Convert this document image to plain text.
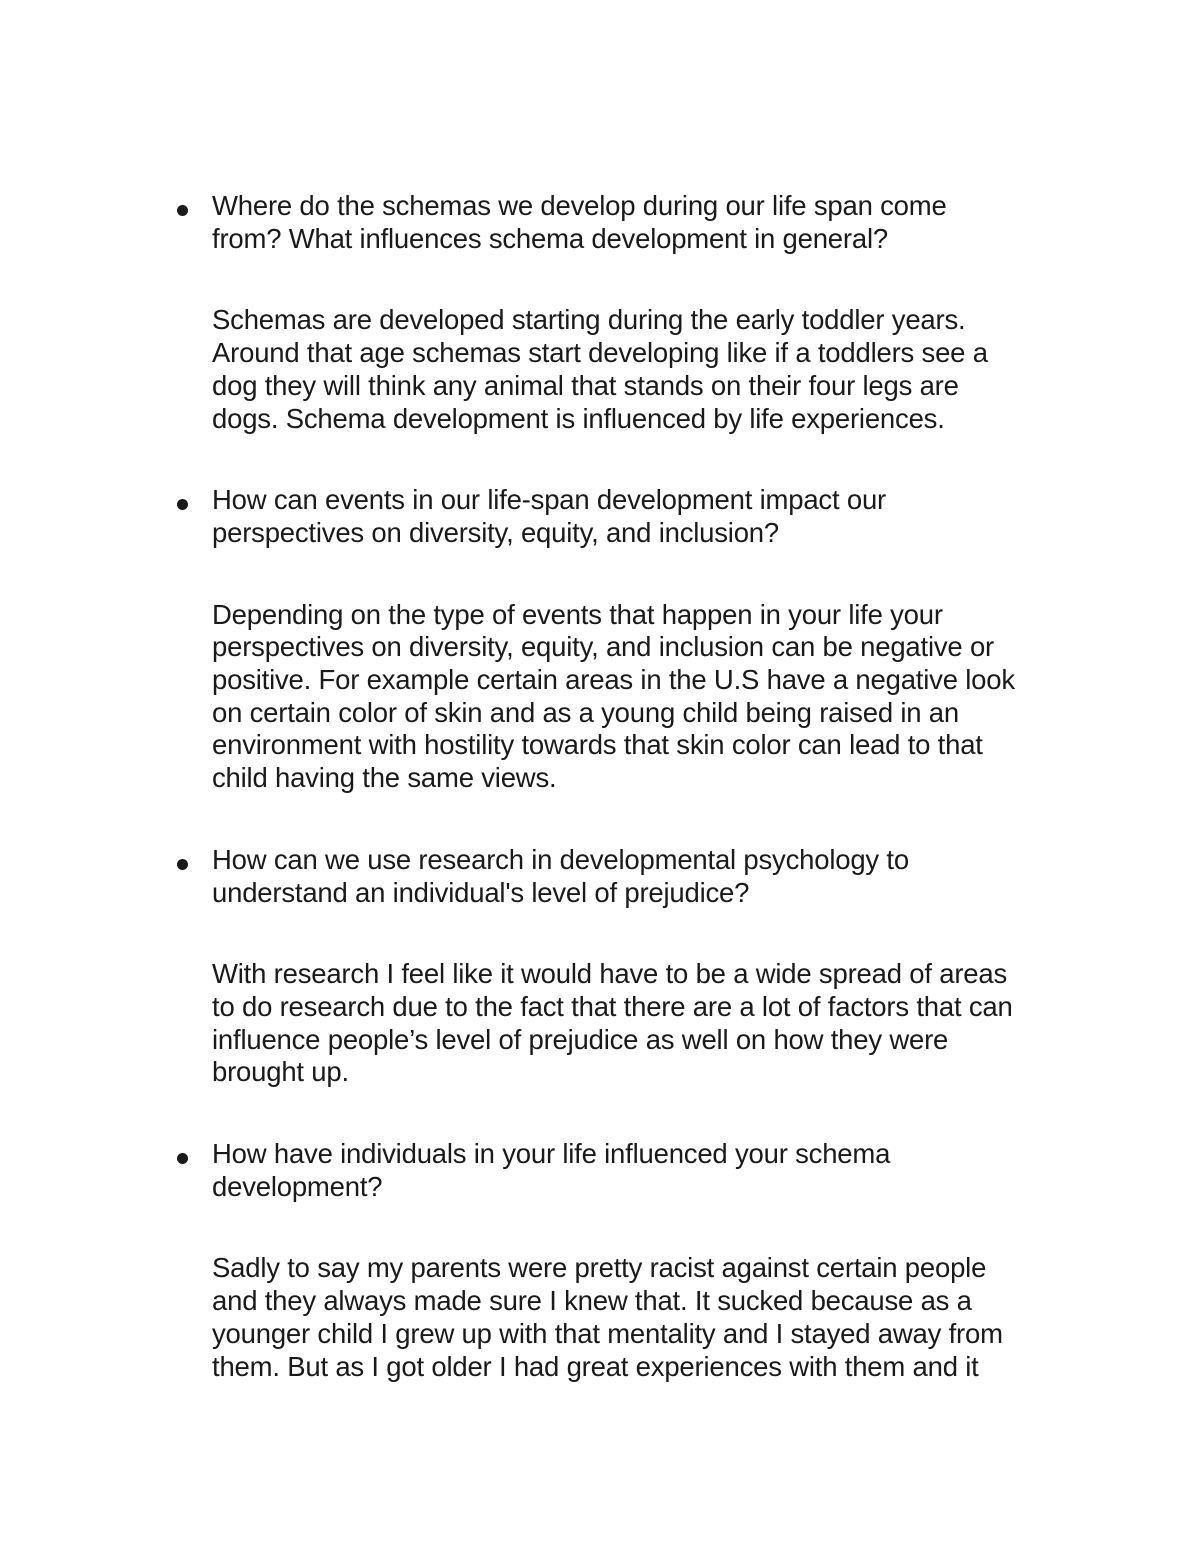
Where do the schemas we develop during our life span come
from? What influences schema development in general?

Schemas are developed starting during the early toddler years.
Around that age schemas start developing like if a toddlers see a
dog they will think any animal that stands on their four legs are
dogs. Schema development is influenced by life experiences.

How can events in our life-span development impact our
perspectives on diversity, equity, and inclusion?

Depending on the type of events that happen in your life your
perspectives on diversity, equity, and inclusion can be negative or
positive. For example certain areas in the U.S have a negative look
on certain color of skin and as a young child being raised in an
environment with hostility towards that skin color can lead to that
child having the same views.

How can we use research in developmental psychology to
understand an individual's level of prejudice?

With research I feel like it would have to be a wide spread of areas
to do research due to the fact that there are a lot of factors that can
influence people’s level of prejudice as well on how they were
brought up.

How have individuals in your life influenced your schema
development?

Sadly to say my parents were pretty racist against certain people
and they always made sure I knew that. It sucked because as a
younger child I grew up with that mentality and I stayed away from
them. But as I got older I had great experiences with them and it
